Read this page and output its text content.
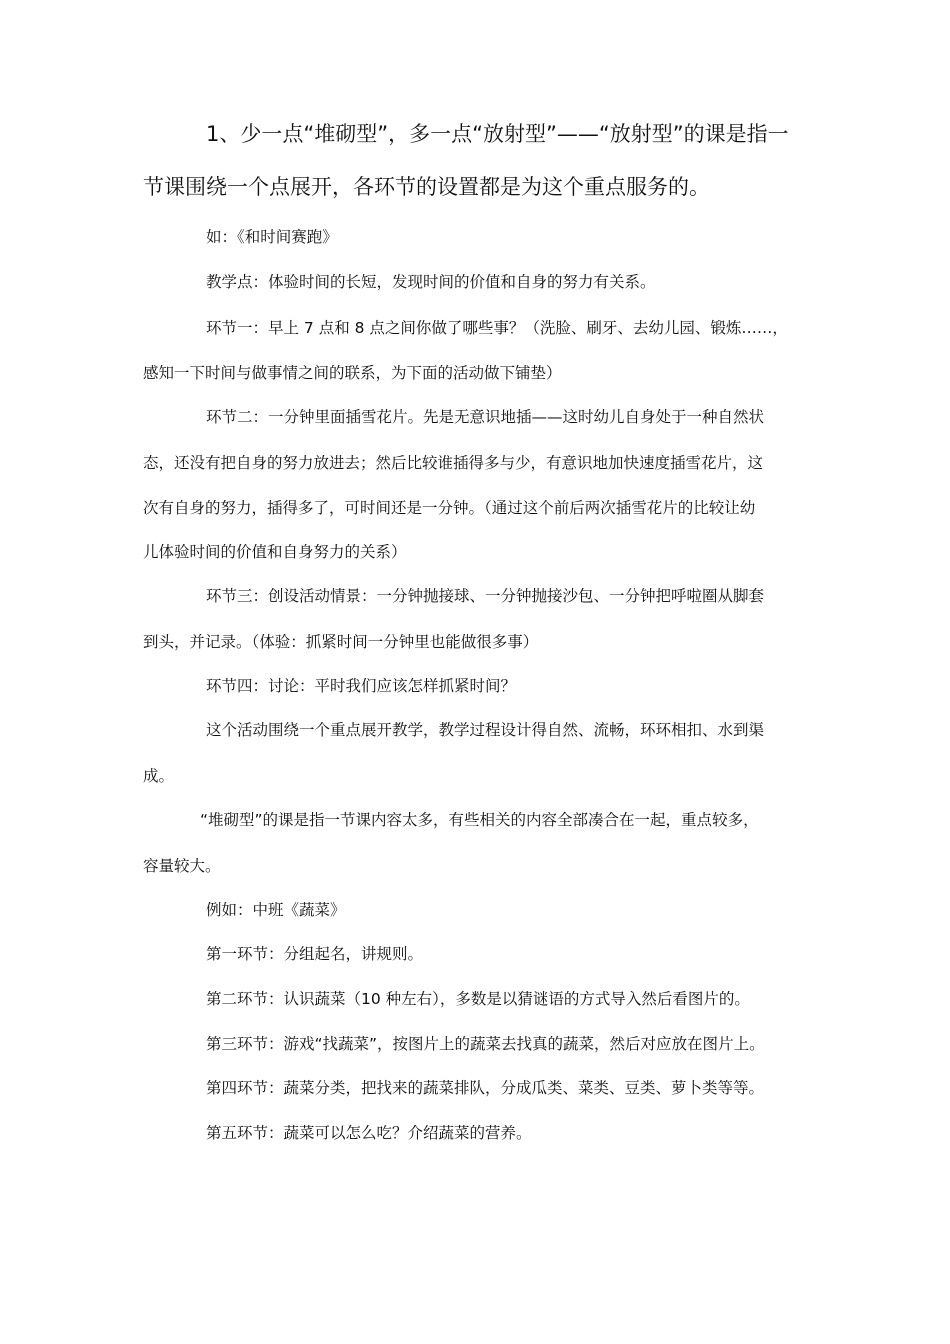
1、少一点“堆砌型”，多一点“放射型”——“放射型”的课是指一
节课围绕一个点展开，各环节的设置都是为这个重点服务的。
如：《和时间赛跑》
教学点：体验时间的长短，发现时间的价值和自身的努力有关系。
环节一：早上 7 点和 8 点之间你做了哪些事？（洗脸、刷牙、去幼儿园、锻炼……，
感知一下时间与做事情之间的联系，为下面的活动做下铺垫）
环节二：一分钟里面插雪花片。先是无意识地插——这时幼儿自身处于一种自然状
态，还没有把自身的努力放进去；然后比较谁插得多与少，有意识地加快速度插雪花片，这
次有自身的努力，插得多了，可时间还是一分钟。（通过这个前后两次插雪花片的比较让幼
儿体验时间的价值和自身努力的关系）
环节三：创设活动情景：一分钟抛接球、一分钟抛接沙包、一分钟把呼啦圈从脚套
到头，并记录。（体验：抓紧时间一分钟里也能做很多事）
环节四：讨论：平时我们应该怎样抓紧时间？
这个活动围绕一个重点展开教学，教学过程设计得自然、流畅，环环相扣、水到渠
成。
“堆砌型”的课是指一节课内容太多，有些相关的内容全部凑合在一起，重点较多，
容量较大。
例如：中班《蔬菜》
第一环节：分组起名，讲规则。
第二环节：认识蔬菜（10 种左右），多数是以猜谜语的方式导入然后看图片的。
第三环节：游戏“找蔬菜”，按图片上的蔬菜去找真的蔬菜，然后对应放在图片上。
第四环节：蔬菜分类，把找来的蔬菜排队，分成瓜类、菜类、豆类、萝卜类等等。
第五环节：蔬菜可以怎么吃？介绍蔬菜的营养。
